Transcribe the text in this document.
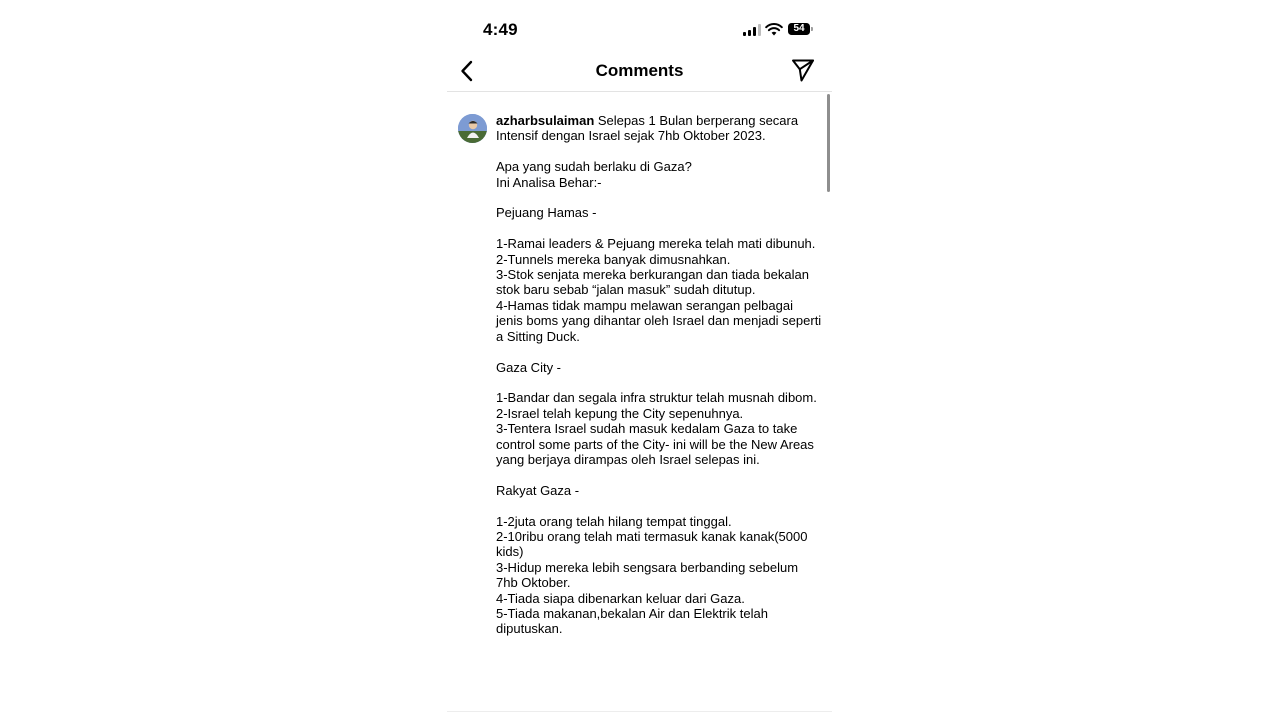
4:49	54
Comments

azharbsulaiman Selepas 1 Bulan berperang secara Intensif dengan Israel sejak 7hb Oktober 2023.

Apa yang sudah berlaku di Gaza?
Ini Analisa Behar:-

Pejuang Hamas -

1-Ramai leaders & Pejuang mereka telah mati dibunuh.
2-Tunnels mereka banyak dimusnahkan.
3-Stok senjata mereka berkurangan dan tiada bekalan stok baru sebab “jalan masuk” sudah ditutup.
4-Hamas tidak mampu melawan serangan pelbagai jenis boms yang dihantar oleh Israel dan menjadi seperti a Sitting Duck.

Gaza City -

1-Bandar dan segala infra struktur telah musnah dibom.
2-Israel telah kepung the City sepenuhnya.
3-Tentera Israel sudah masuk kedalam Gaza to take control some parts of the City- ini will be the New Areas yang berjaya dirampas oleh Israel selepas ini.

Rakyat Gaza -

1-2juta orang telah hilang tempat tinggal.
2-10ribu orang telah mati termasuk kanak kanak(5000 kids)
3-Hidup mereka lebih sengsara berbanding sebelum 7hb Oktober.
4-Tiada siapa dibenarkan keluar dari Gaza.
5-Tiada makanan,bekalan Air dan Elektrik telah diputuskan.
